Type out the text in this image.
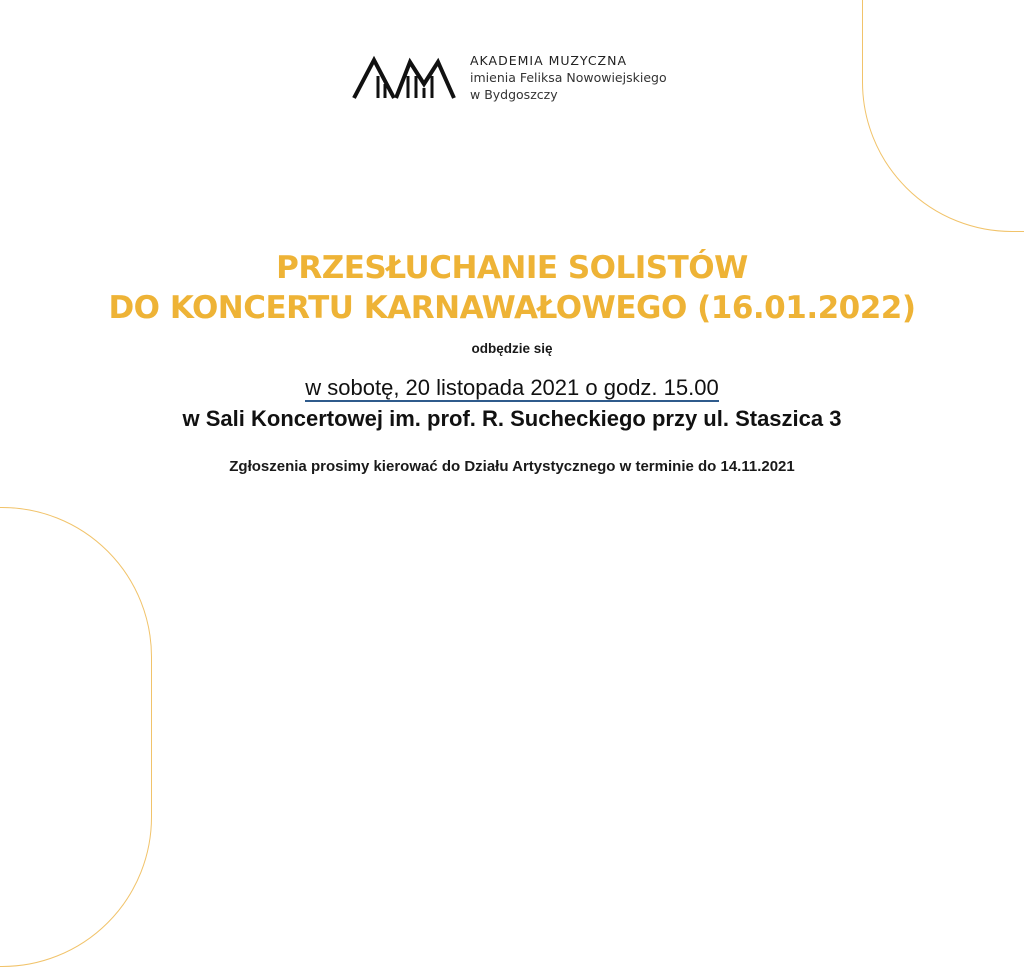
AKADEMIA MUZYCZNA
imienia Feliksa Nowowiejskiego
w Bydgoszczy
PRZESŁUCHANIE SOLISTÓW
DO KONCERTU KARNAWAŁOWEGO (16.01.2022)
odbędzie się
w sobotę, 20 listopada 2021 o godz. 15.00
w Sali Koncertowej im. prof. R. Sucheckiego przy ul. Staszica 3
Zgłoszenia prosimy kierować do Działu Artystycznego w terminie do 14.11.2021
